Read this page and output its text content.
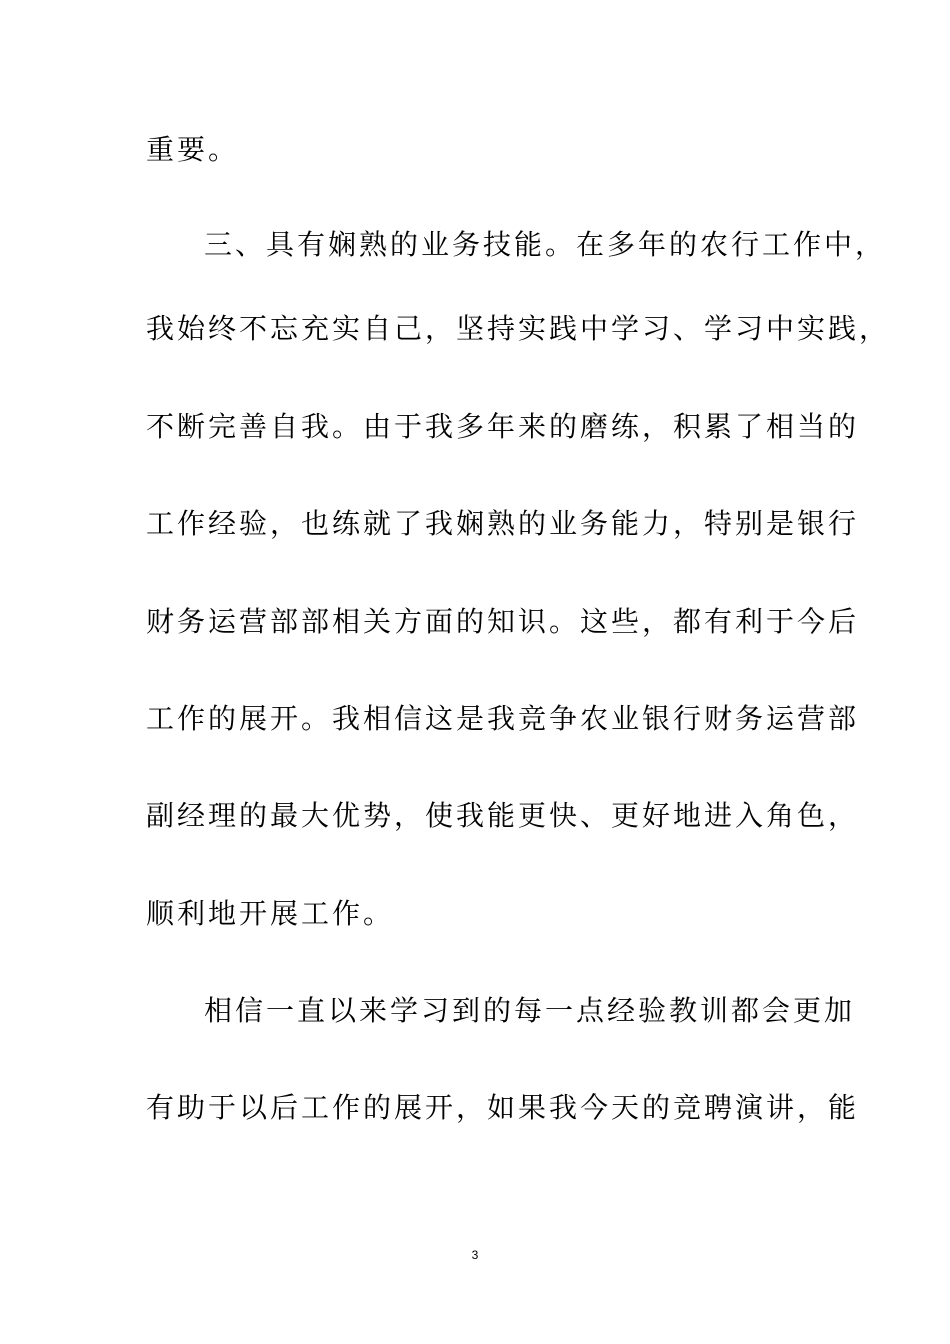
重要。
三、具有娴熟的业务技能。在多年的农行工作中，
我始终不忘充实自己，坚持实践中学习、学习中实践，
不断完善自我。由于我多年来的磨练，积累了相当的
工作经验，也练就了我娴熟的业务能力，特别是银行
财务运营部部相关方面的知识。这些，都有利于今后
工作的展开。我相信这是我竞争农业银行财务运营部
副经理的最大优势，使我能更快、更好地进入角色，
顺利地开展工作。
相信一直以来学习到的每一点经验教训都会更加
有助于以后工作的展开，如果我今天的竞聘演讲，能
3
